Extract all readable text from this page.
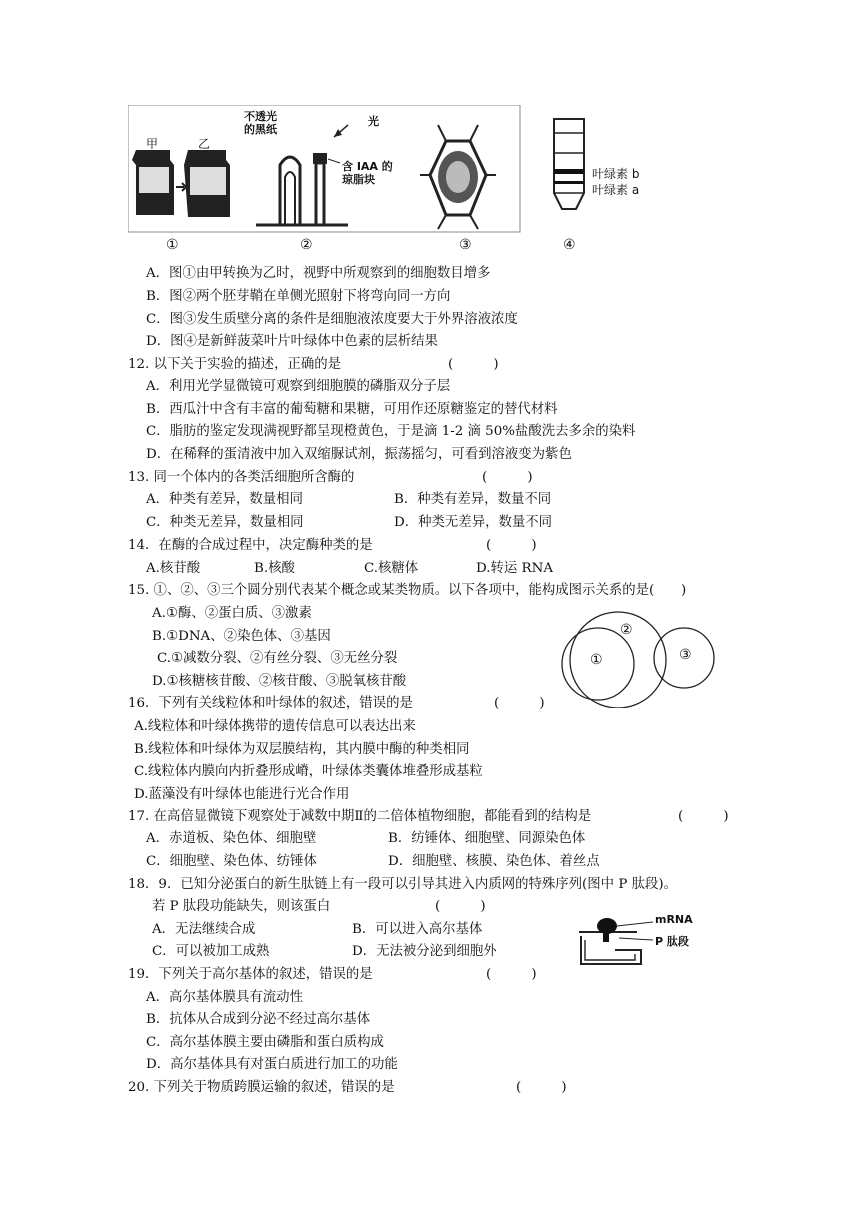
甲	乙
不透光
的黑纸
光
含 IAA 的
琼脂块	叶绿素 b
叶绿素 a
①	②	③	④
A．图①由甲转换为乙时，视野中所观察到的细胞数目增多
B．图②两个胚芽鞘在单侧光照射下将弯向同一方向
C．图③发生质壁分离的条件是细胞液浓度要大于外界溶液浓度
D．图④是新鲜菠菜叶片叶绿体中色素的层析结果
12. 以下关于实验的描述，正确的是	(　　　)
A．利用光学显微镜可观察到细胞膜的磷脂双分子层
B．西瓜汁中含有丰富的葡萄糖和果糖，可用作还原糖鉴定的替代材料
C．脂肪的鉴定发现满视野都呈现橙黄色，于是滴 1-2 滴 50%盐酸洗去多余的染料
D．在稀释的蛋清液中加入双缩脲试剂，振荡摇匀，可看到溶液变为紫色
13. 同一个体内的各类活细胞所含酶的	(　　　)
A．种类有差异，数量相同	B．种类有差异，数量不同
C．种类无差异，数量相同	D．种类无差异，数量不同
14．在酶的合成过程中，决定酶种类的是	(　　　)
A.核苷酸	B.核酸	C.核糖体	D.转运 RNA
15. ①、②、③三个圆分别代表某个概念或某类物质。以下各项中，能构成图示关系的是(　　)
A.①酶、②蛋白质、③激素
B.①DNA、②染色体、③基因
C.①减数分裂、②有丝分裂、③无丝分裂
D.①核糖核苷酸、②核苷酸、③脱氧核苷酸
①
②
③
16．下列有关线粒体和叶绿体的叙述，错误的是	(　　　)
A.线粒体和叶绿体携带的遗传信息可以表达出来
B.线粒体和叶绿体为双层膜结构，其内膜中酶的种类相同
C.线粒体内膜向内折叠形成嵴，叶绿体类囊体堆叠形成基粒
D.蓝藻没有叶绿体也能进行光合作用
17. 在高倍显微镜下观察处于减数中期Ⅱ的二倍体植物细胞，都能看到的结构是	(　　　)
A．赤道板、染色体、细胞壁	B．纺锤体、细胞壁、同源染色体
C．细胞壁、染色体、纺锤体	D．细胞壁、核膜、染色体、着丝点
18．9．已知分泌蛋白的新生肽链上有一段可以引导其进入内质网的特殊序列(图中 P 肽段)。
若 P 肽段功能缺失，则该蛋白	(　　　)
A．无法继续合成	B．可以进入高尔基体
C．可以被加工成熟	D．无法被分泌到细胞外
mRNA
P 肽段
19．下列关于高尔基体的叙述，错误的是	(　　　)
A．高尔基体膜具有流动性
B．抗体从合成到分泌不经过高尔基体
C．高尔基体膜主要由磷脂和蛋白质构成
D．高尔基体具有对蛋白质进行加工的功能
20. 下列关于物质跨膜运输的叙述，错误的是	(　　　)
